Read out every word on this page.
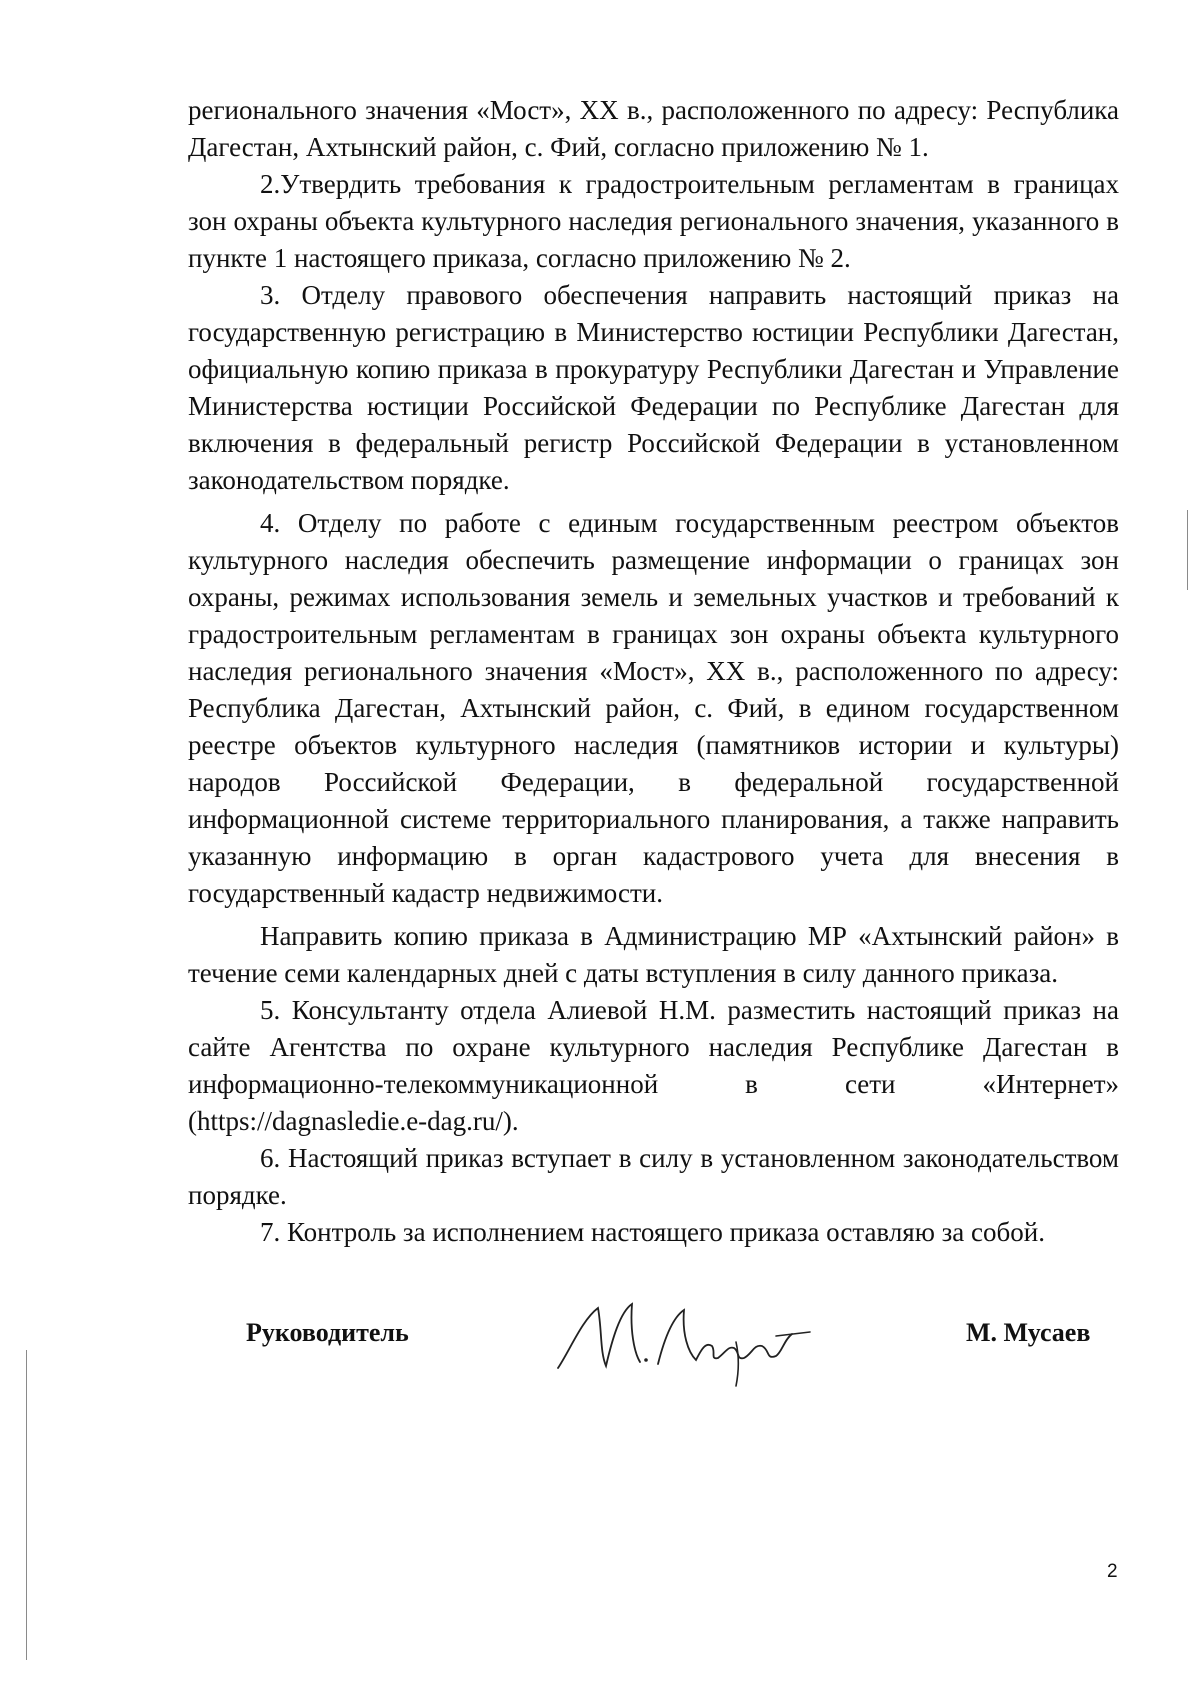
регионального значения «Мост», XX в., расположенного по адресу: Республика Дагестан, Ахтынский район, с. Фий, согласно приложению № 1.

2.Утвердить требования к градостроительным регламентам в границах зон охраны объекта культурного наследия регионального значения, указанного в пункте 1 настоящего приказа, согласно приложению № 2.

3. Отделу правового обеспечения направить настоящий приказ на государственную регистрацию в Министерство юстиции Республики Дагестан, официальную копию приказа в прокуратуру Республики Дагестан и Управление Министерства юстиции Российской Федерации по Республике Дагестан для включения в федеральный регистр Российской Федерации в установленном законодательством порядке.

4. Отделу по работе с единым государственным реестром объектов культурного наследия обеспечить размещение информации о границах зон охраны, режимах использования земель и земельных участков и требований к градостроительным регламентам в границах зон охраны объекта культурного наследия регионального значения «Мост», XX в., расположенного по адресу: Республика Дагестан, Ахтынский район, с. Фий, в едином государственном реестре объектов культурного наследия (памятников истории и культуры) народов Российской Федерации, в федеральной государственной информационной системе территориального планирования, а также направить указанную информацию в орган кадастрового учета для внесения в государственный кадастр недвижимости.

Направить копию приказа в Администрацию МР «Ахтынский район» в течение семи календарных дней с даты вступления в силу данного приказа.

5. Консультанту отдела Алиевой Н.М. разместить настоящий приказ на сайте Агентства по охране культурного наследия Республике Дагестан в информационно-телекоммуникационной в сети «Интернет» (https://dagnasledie.e-dag.ru/).

6. Настоящий приказ вступает в силу в установленном законодательством порядке.

7. Контроль за исполнением настоящего приказа оставляю за собой.

Руководитель	М. Мусаев
2
